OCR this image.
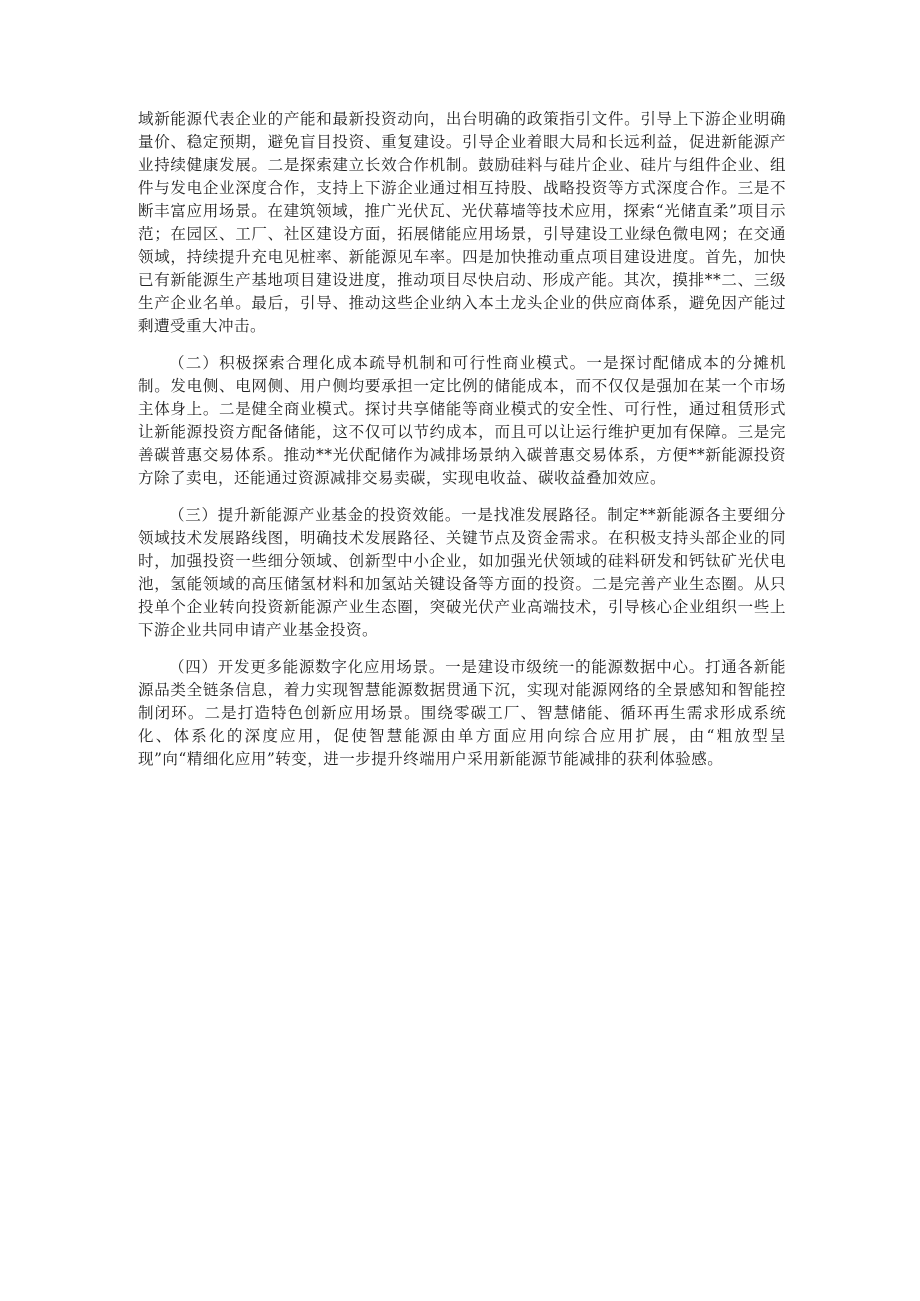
域新能源代表企业的产能和最新投资动向，出台明确的政策指引文件。引导上下游企业明确量价、稳定预期，避免盲目投资、重复建设。引导企业着眼大局和长远利益，促进新能源产业持续健康发展。二是探索建立长效合作机制。鼓励硅料与硅片企业、硅片与组件企业、组件与发电企业深度合作，支持上下游企业通过相互持股、战略投资等方式深度合作。三是不断丰富应用场景。在建筑领域，推广光伏瓦、光伏幕墙等技术应用，探索“光储直柔”项目示范；在园区、工厂、社区建设方面，拓展储能应用场景，引导建设工业绿色微电网；在交通领域，持续提升充电见桩率、新能源见车率。四是加快推动重点项目建设进度。首先，加快已有新能源生产基地项目建设进度，推动项目尽快启动、形成产能。其次，摸排**二、三级生产企业名单。最后，引导、推动这些企业纳入本土龙头企业的供应商体系，避免因产能过剩遭受重大冲击。

（二）积极探索合理化成本疏导机制和可行性商业模式。一是探讨配储成本的分摊机制。发电侧、电网侧、用户侧均要承担一定比例的储能成本，而不仅仅是强加在某一个市场主体身上。二是健全商业模式。探讨共享储能等商业模式的安全性、可行性，通过租赁形式让新能源投资方配备储能，这不仅可以节约成本，而且可以让运行维护更加有保障。三是完善碳普惠交易体系。推动**光伏配储作为减排场景纳入碳普惠交易体系，方便**新能源投资方除了卖电，还能通过资源减排交易卖碳，实现电收益、碳收益叠加效应。

（三）提升新能源产业基金的投资效能。一是找准发展路径。制定**新能源各主要细分领域技术发展路线图，明确技术发展路径、关键节点及资金需求。在积极支持头部企业的同时，加强投资一些细分领域、创新型中小企业，如加强光伏领域的硅料研发和钙钛矿光伏电池，氢能领域的高压储氢材料和加氢站关键设备等方面的投资。二是完善产业生态圈。从只投单个企业转向投资新能源产业生态圈，突破光伏产业高端技术，引导核心企业组织一些上下游企业共同申请产业基金投资。

（四）开发更多能源数字化应用场景。一是建设市级统一的能源数据中心。打通各新能源品类全链条信息，着力实现智慧能源数据贯通下沉，实现对能源网络的全景感知和智能控制闭环。二是打造特色创新应用场景。围绕零碳工厂、智慧储能、循环再生需求形成系统化、体系化的深度应用，促使智慧能源由单方面应用向综合应用扩展，由“粗放型呈现”向“精细化应用”转变，进一步提升终端用户采用新能源节能减排的获利体验感。
